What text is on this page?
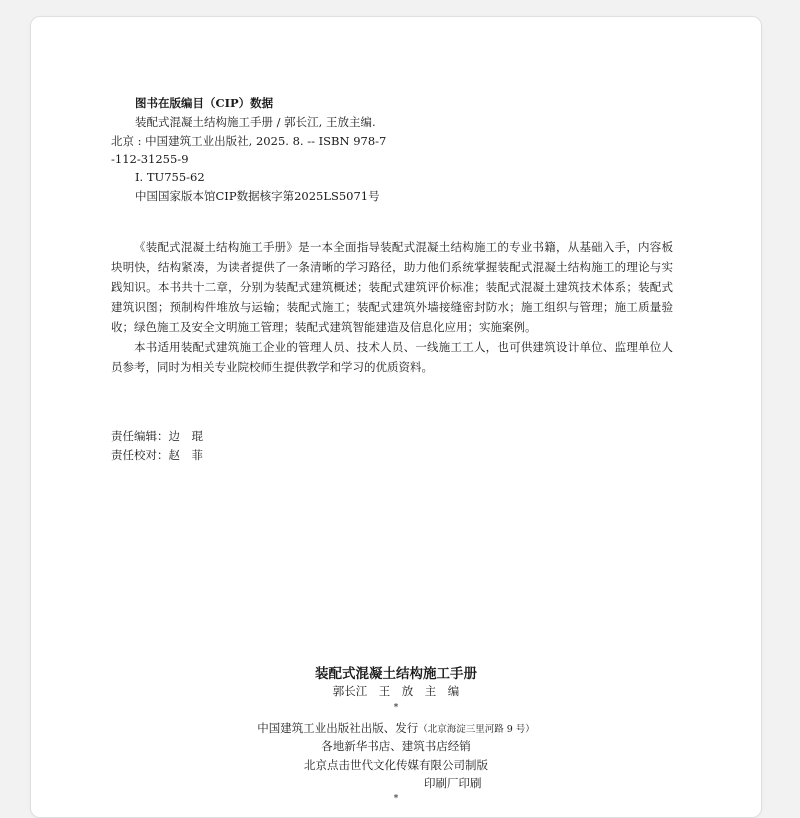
图书在版编目（CIP）数据
装配式混凝土结构施工手册 / 郭长江, 王放主编.
北京 : 中国建筑工业出版社, 2025. 8. -- ISBN 978-7
-112-31255-9
Ⅰ. TU755-62
中国国家版本馆CIP数据核字第2025LS5071号

《装配式混凝土结构施工手册》是一本全面指导装配式混凝土结构施工的专业书籍，从基础入手，内容板块明快，结构紧凑，为读者提供了一条清晰的学习路径，助力他们系统掌握装配式混凝土结构施工的理论与实践知识。本书共十二章，分别为装配式建筑概述；装配式建筑评价标准；装配式混凝土建筑技术体系；装配式建筑识图；预制构件堆放与运输；装配式施工；装配式建筑外墙接缝密封防水；施工组织与管理；施工质量验收；绿色施工及安全文明施工管理；装配式建筑智能建造及信息化应用；实施案例。

本书适用装配式建筑施工企业的管理人员、技术人员、一线施工工人，也可供建筑设计单位、监理单位人员参考，同时为相关专业院校师生提供教学和学习的优质资料。

责任编辑：边　琨
责任校对：赵　菲
装配式混凝土结构施工手册
郭长江　王　放　主　编
*
中国建筑工业出版社出版、发行（北京海淀三里河路 9 号）
各地新华书店、建筑书店经销
北京点击世代文化传媒有限公司制版
印刷厂印刷
*
